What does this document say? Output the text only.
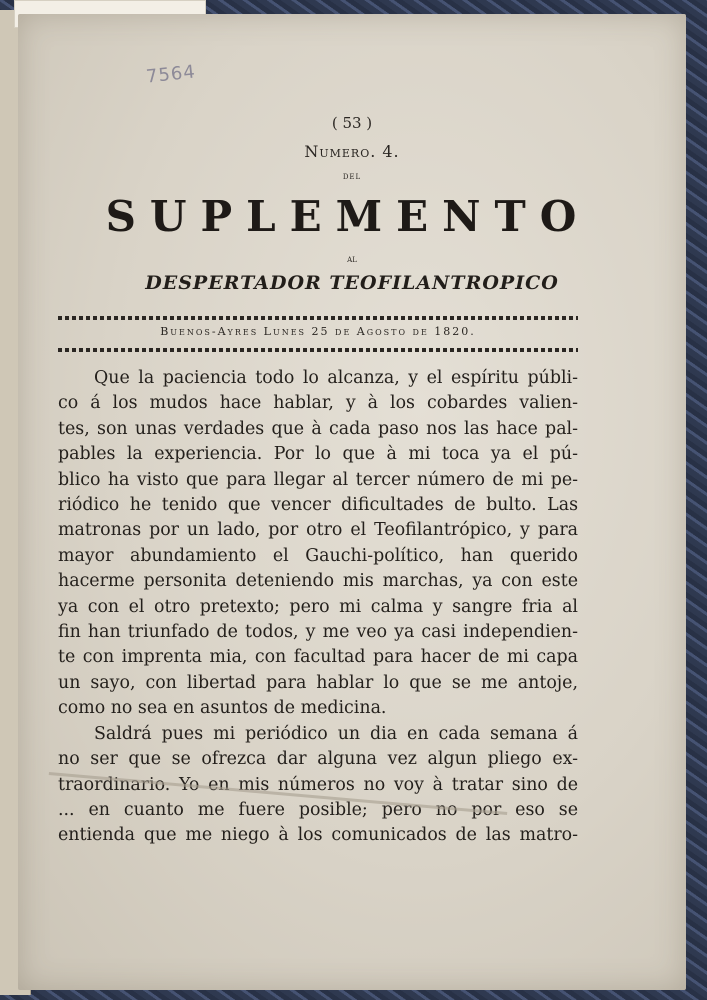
7564
( 53 )
Numero. 4.
del
SUPLEMENTO
al
DESPERTADOR TEOFILANTROPICO
Buenos-Ayres Lunes 25 de Agosto de 1820.
Que la paciencia todo lo alcanza, y el espíritu públi-
co á los mudos hace hablar, y à los cobardes valien-
tes, son unas verdades que à cada paso nos las hace pal-
pables la experiencia. Por lo que à mi toca ya el pú-
blico ha visto que para llegar al tercer número de mi pe-
riódico he tenido que vencer dificultades de bulto. Las
matronas por un lado, por otro el Teofilantrópico, y para
mayor abundamiento el Gauchi-político, han querido
hacerme personita deteniendo mis marchas, ya con este
ya con el otro pretexto; pero mi calma y sangre fria al
fin han triunfado de todos, y me veo ya casi independien-
te con imprenta mia, con facultad para hacer de mi capa
un sayo, con libertad para hablar lo que se me antoje,
como no sea en asuntos de medicina.
Saldrá pues mi periódico un dia en cada semana á
no ser que se ofrezca dar alguna vez algun pliego ex-
traordinario. Yo en mis números no voy à tratar sino de
... en cuanto me fuere posible; pero no por eso se
entienda que me niego à los comunicados de las matro-
